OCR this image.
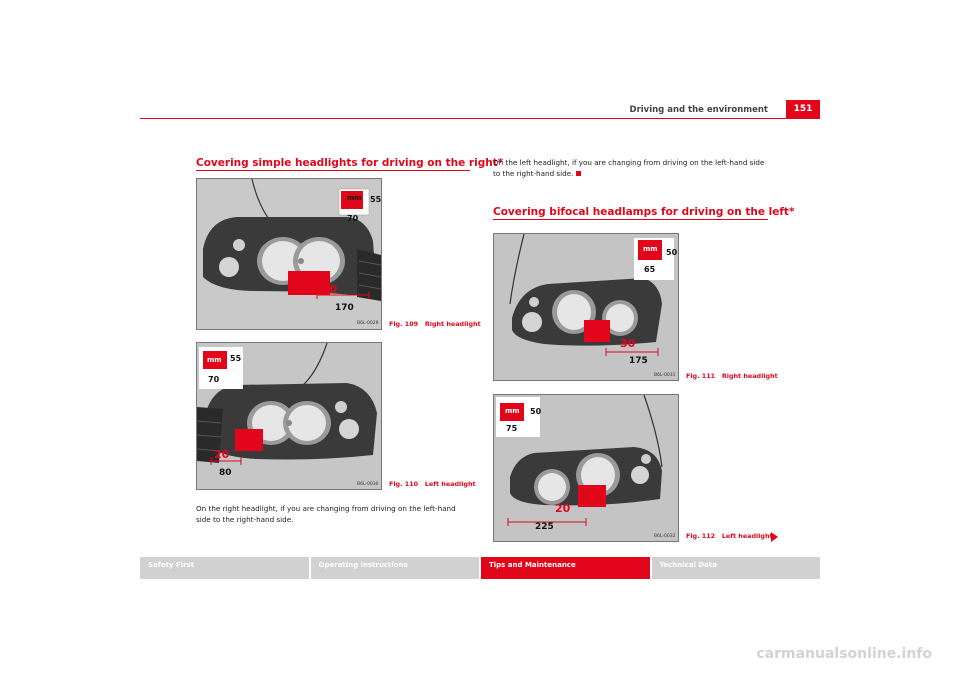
Driving and the environment	151
Covering simple headlights for driving on the right*
mm 55
70
10
170
B6L-0029 Fig. 109 Right headlight
mm 55
70
20
80
B6L-0030 Fig. 110 Left headlight
On the right headlight, if you are changing from driving on the left-hand side to the right-hand side.
On the left headlight, if you are changing from driving on the left-hand side to the right-hand side.
Covering bifocal headlamps for driving on the left*
mm 50
65
30
175
B6L-0031 Fig. 111 Right headlight
mm 50
75
20
225
B6L-0032 Fig. 112 Left headlight
Safety First	Operating instructions	Tips and Maintenance	Technical Data
carmanualsonline.info
